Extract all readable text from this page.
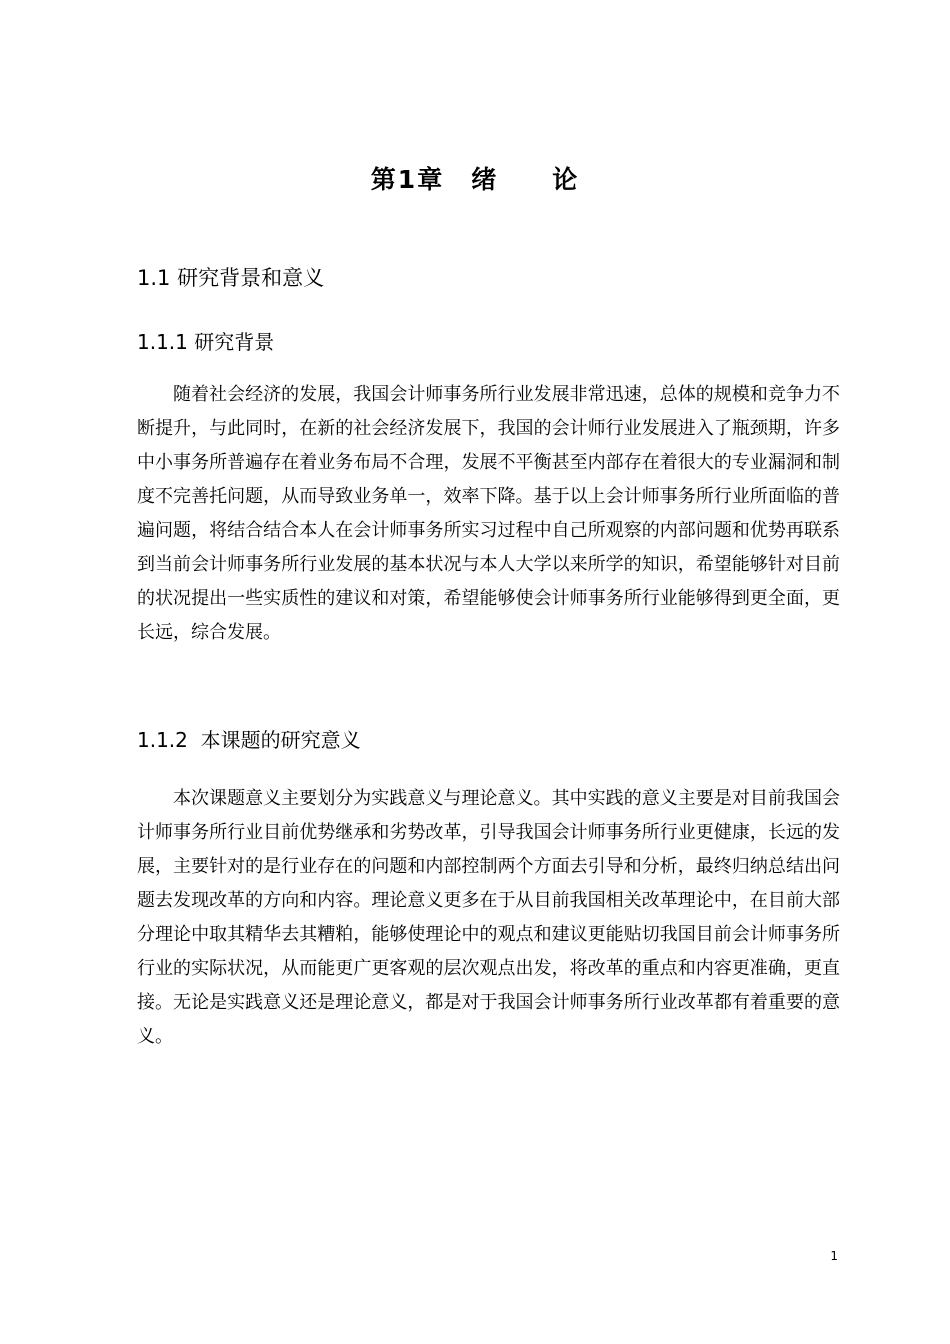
第1章　绪　　论
1.1 研究背景和意义
1.1.1 研究背景

随着社会经济的发展，我国会计师事务所行业发展非常迅速，总体的规模和竞争力不断提升，与此同时，在新的社会经济发展下，我国的会计师行业发展进入了瓶颈期，许多中小事务所普遍存在着业务布局不合理，发展不平衡甚至内部存在着很大的专业漏洞和制度不完善托问题，从而导致业务单一，效率下降。基于以上会计师事务所行业所面临的普遍问题，将结合结合本人在会计师事务所实习过程中自己所观察的内部问题和优势再联系到当前会计师事务所行业发展的基本状况与本人大学以来所学的知识，希望能够针对目前的状况提出一些实质性的建议和对策，希望能够使会计师事务所行业能够得到更全面，更长远，综合发展。

1.1.2  本课题的研究意义

本次课题意义主要划分为实践意义与理论意义。其中实践的意义主要是对目前我国会计师事务所行业目前优势继承和劣势改革，引导我国会计师事务所行业更健康，长远的发展，主要针对的是行业存在的问题和内部控制两个方面去引导和分析，最终归纳总结出问题去发现改革的方向和内容。理论意义更多在于从目前我国相关改革理论中，在目前大部分理论中取其精华去其糟粕，能够使理论中的观点和建议更能贴切我国目前会计师事务所行业的实际状况，从而能更广更客观的层次观点出发，将改革的重点和内容更准确，更直接。无论是实践意义还是理论意义，都是对于我国会计师事务所行业改革都有着重要的意义。

1
